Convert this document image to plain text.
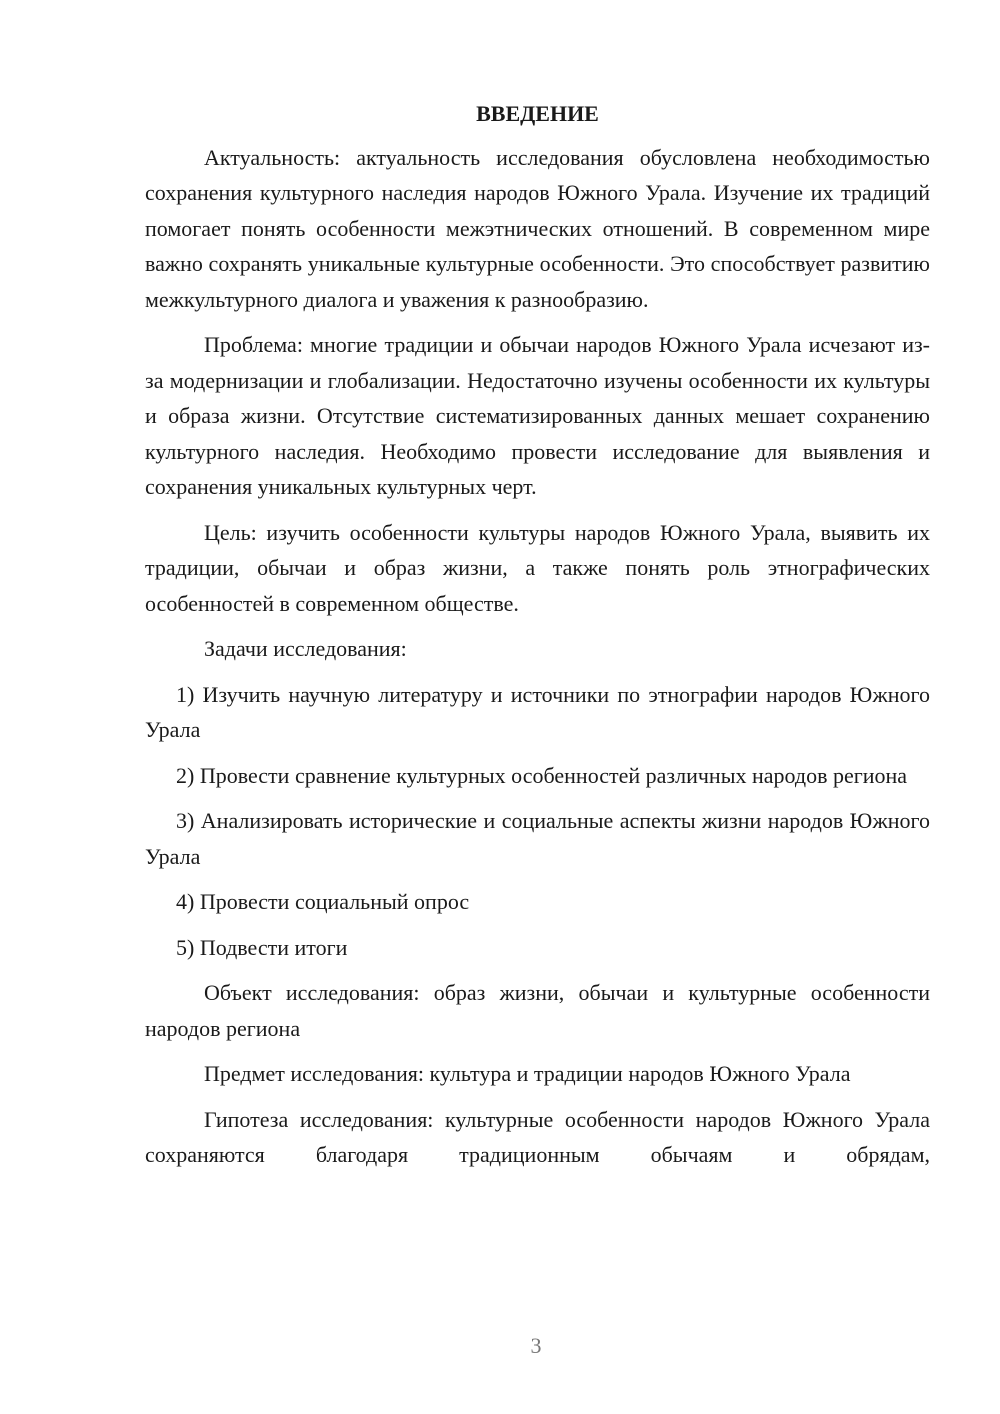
ВВЕДЕНИЕ

Актуальность: актуальность исследования обусловлена необходимостью сохранения культурного наследия народов Южного Урала. Изучение их традиций помогает понять особенности межэтнических отношений. В современном мире важно сохранять уникальные культурные особенности. Это способствует развитию межкультурного диалога и уважения к разнообразию.

Проблема: многие традиции и обычаи народов Южного Урала исчезают из-за модернизации и глобализации. Недостаточно изучены особенности их культуры и образа жизни. Отсутствие систематизированных данных мешает сохранению культурного наследия. Необходимо провести исследование для выявления и сохранения уникальных культурных черт.

Цель: изучить особенности культуры народов Южного Урала, выявить их традиции, обычаи и образ жизни, а также понять роль этнографических особенностей в современном обществе.

Задачи исследования:

1) Изучить научную литературу и источники по этнографии народов Южного Урала

2) Провести сравнение культурных особенностей различных народов региона

3) Анализировать исторические и социальные аспекты жизни народов Южного Урала

4) Провести социальный опрос

5) Подвести итоги

Объект исследования: образ жизни, обычаи и культурные особенности народов региона

Предмет исследования: культура и традиции народов Южного Урала

Гипотеза исследования: культурные особенности народов Южного Урала сохраняются благодаря традиционным обычаям и обрядам,

3
